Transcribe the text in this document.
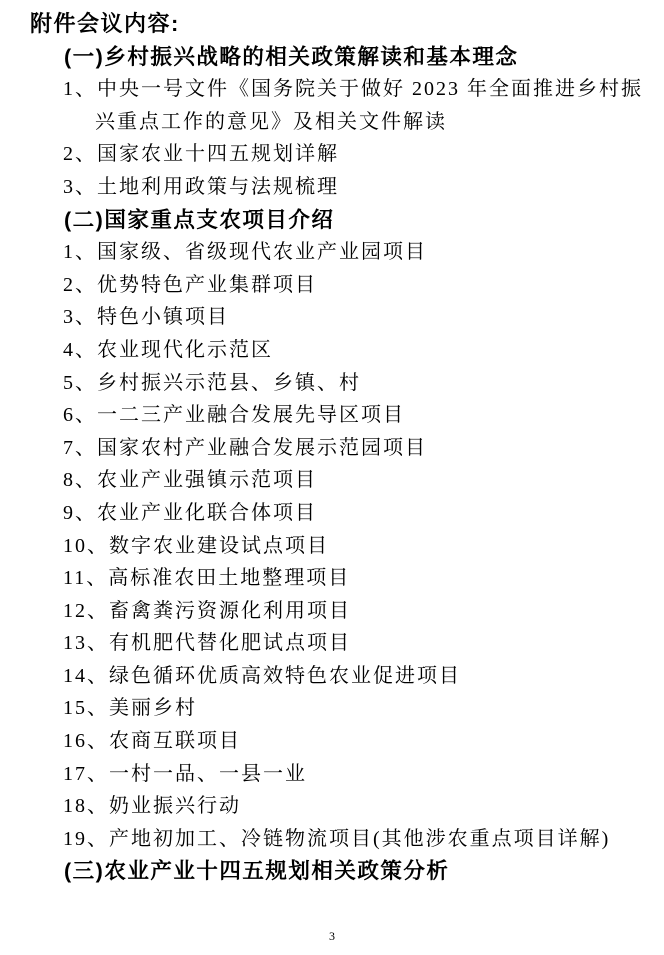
附件会议内容:
(一)乡村振兴战略的相关政策解读和基本理念
1、中央一号文件《国务院关于做好 2023 年全面推进乡村振
兴重点工作的意见》及相关文件解读
2、国家农业十四五规划详解
3、土地利用政策与法规梳理
(二)国家重点支农项目介绍
1、国家级、省级现代农业产业园项目
2、优势特色产业集群项目
3、特色小镇项目
4、农业现代化示范区
5、乡村振兴示范县、乡镇、村
6、一二三产业融合发展先导区项目
7、国家农村产业融合发展示范园项目
8、农业产业强镇示范项目
9、农业产业化联合体项目
10、数字农业建设试点项目
11、高标准农田土地整理项目
12、畜禽粪污资源化利用项目
13、有机肥代替化肥试点项目
14、绿色循环优质高效特色农业促进项目
15、美丽乡村
16、农商互联项目
17、一村一品、一县一业
18、奶业振兴行动
19、产地初加工、冷链物流项目(其他涉农重点项目详解)
(三)农业产业十四五规划相关政策分析
3
